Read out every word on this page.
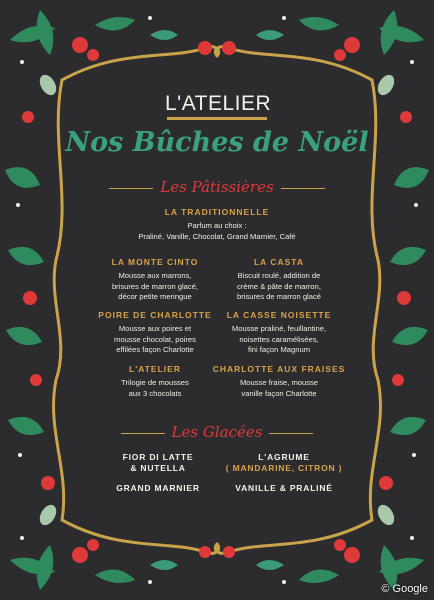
L'ATELIER
Nos Bûches de Noël
Les Pâtissières
LA TRADITIONNELLE
Parfum au choix :
Praliné, Vanille, Chocolat, Grand Marnier, Café
LA MONTE CINTO
Mousse aux marrons,
brisures de marron glacé,
décor petite meringue
LA CASTA
Biscuit roulé, addition de
crème & pâte de marron,
brisures de marron glacé
POIRE DE CHARLOTTE
Mousse aux poires et
mousse chocolat, poires
effilées façon Charlotte
LA CASSE NOISETTE
Mousse praliné, feuillantine,
noisettes caramélisées,
fini façon Magnum
L'ATELIER
Trilogie de mousses
aux 3 chocolats
CHARLOTTE AUX FRAISES
Mousse fraise, mousse
vanille façon Charlotte
Les Glacées
FIOR DI LATTE
& NUTELLA
L'AGRUME
( MANDARINE, CITRON )
GRAND MARNIER	VANILLE & PRALINÉ
© Google
